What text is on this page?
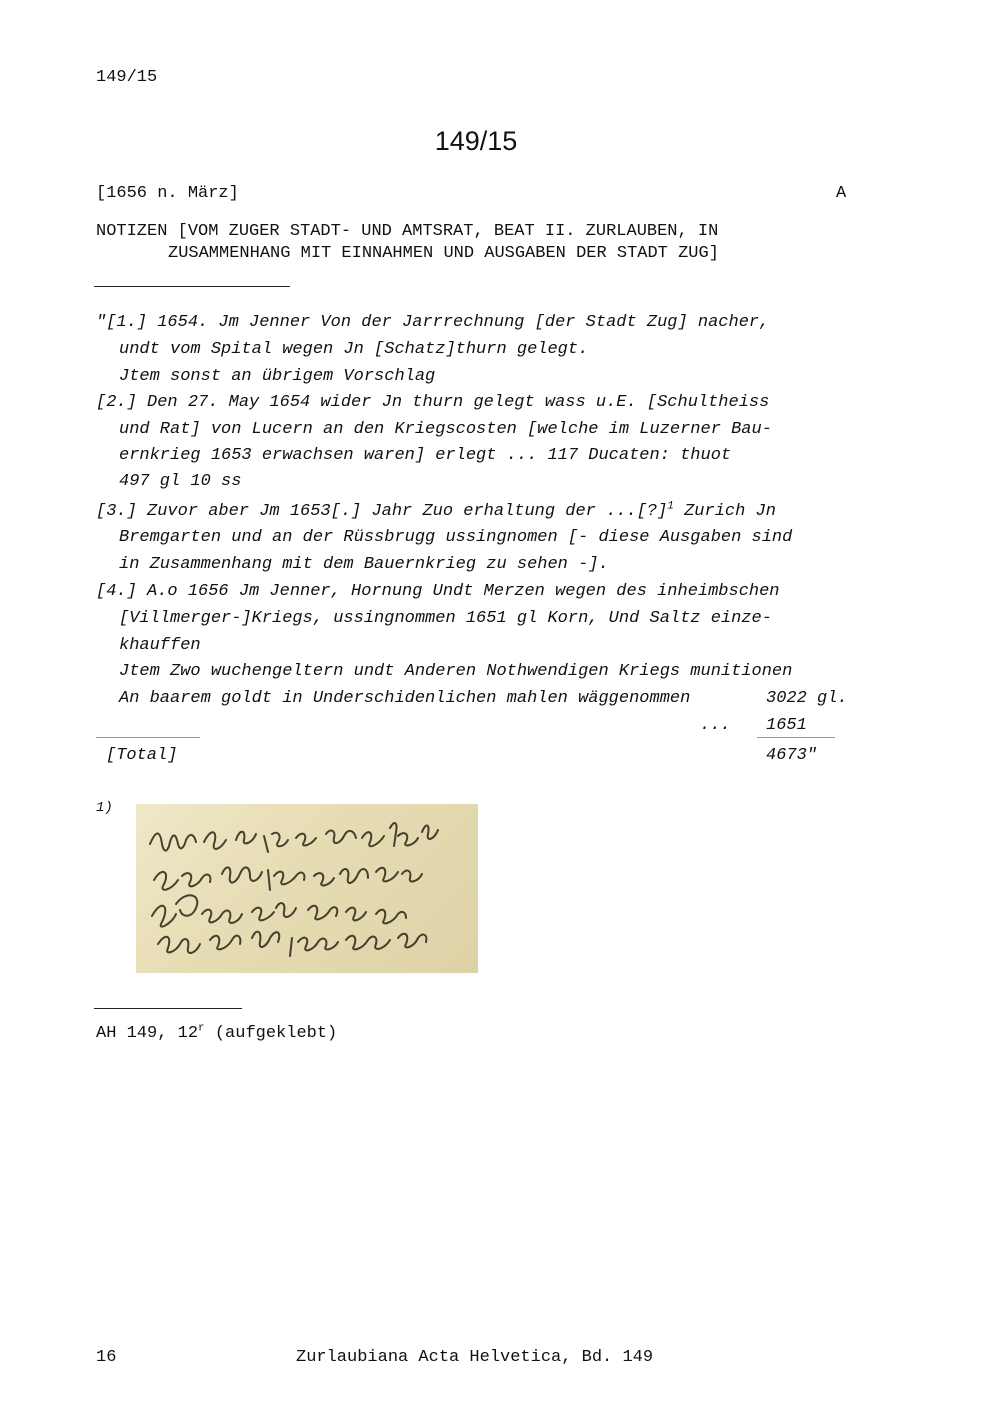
149/15
149/15
[1656 n. März]	A
NOTIZEN [VOM ZUGER STADT- UND AMTSRAT, BEAT II. ZURLAUBEN, IN
ZUSAMMENHANG MIT EINNAHMEN UND AUSGABEN DER STADT ZUG]
"[1.] 1654. Jm Jenner Von der Jarrrechnung [der Stadt Zug] nacher,
undt vom Spital wegen Jn [Schatz]thurn gelegt.
Jtem sonst an übrigem Vorschlag
[2.] Den 27. May 1654 wider Jn thurn gelegt wass u.E. [Schultheiss
und Rat] von Lucern an den Kriegscosten [welche im Luzerner Bau-
ernkrieg 1653 erwachsen waren] erlegt ... 117 Ducaten: thuot
497 gl 10 ss
[3.] Zuvor aber Jm 1653[.] Jahr Zuo erhaltung der ...[?]$^1$ Zurich Jn
Bremgarten und an der Rüssbrugg ussingnomen [- diese Ausgaben sind
in Zusammenhang mit dem Bauernkrieg zu sehen -].
[4.] A.o 1656 Jm Jenner, Hornung Undt Merzen wegen des inheimbschen
[Villmerger-]Kriegs, ussingnommen 1651 gl Korn, Und Saltz einze-
khauffen
Jtem Zwo wuchengeltern undt Anderen Nothwendigen Kriegs munitionen
An baarem goldt in Underschidenlichen mahlen wäggenommen	3022 gl.
... 1651
[Total]	4673"
1)
AH 149, 12$^r$ (aufgeklebt)
16	Zurlaubiana Acta Helvetica, Bd. 149
